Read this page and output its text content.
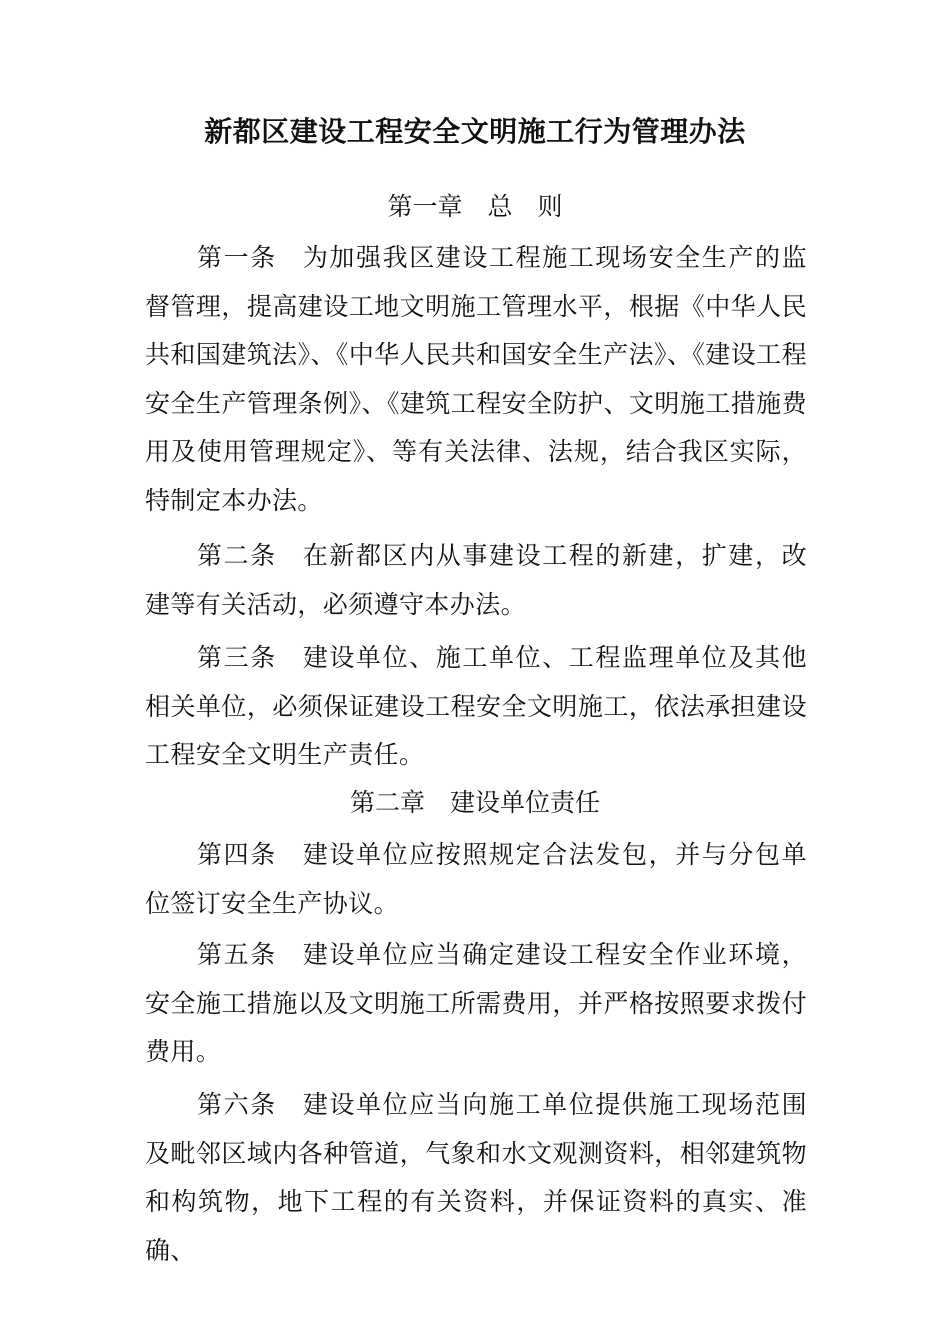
新都区建设工程安全文明施工行为管理办法

第一章　总　则

第一条 为加强我区建设工程施工现场安全生产的监督管理，提高建设工地文明施工管理水平，根据《中华人民共和国建筑法》、《中华人民共和国安全生产法》、《建设工程安全生产管理条例》、《建筑工程安全防护、文明施工措施费用及使用管理规定》、等有关法律、法规，结合我区实际，特制定本办法。

第二条 在新都区内从事建设工程的新建，扩建，改建等有关活动，必须遵守本办法。

第三条 建设单位、施工单位、工程监理单位及其他相关单位，必须保证建设工程安全文明施工，依法承担建设工程安全文明生产责任。

第二章　建设单位责任

第四条 建设单位应按照规定合法发包，并与分包单位签订安全生产协议。

第五条 建设单位应当确定建设工程安全作业环境，安全施工措施以及文明施工所需费用，并严格按照要求拨付费用。

第六条 建设单位应当向施工单位提供施工现场范围及毗邻区域内各种管道，气象和水文观测资料，相邻建筑物和构筑物，地下工程的有关资料，并保证资料的真实、准确、
